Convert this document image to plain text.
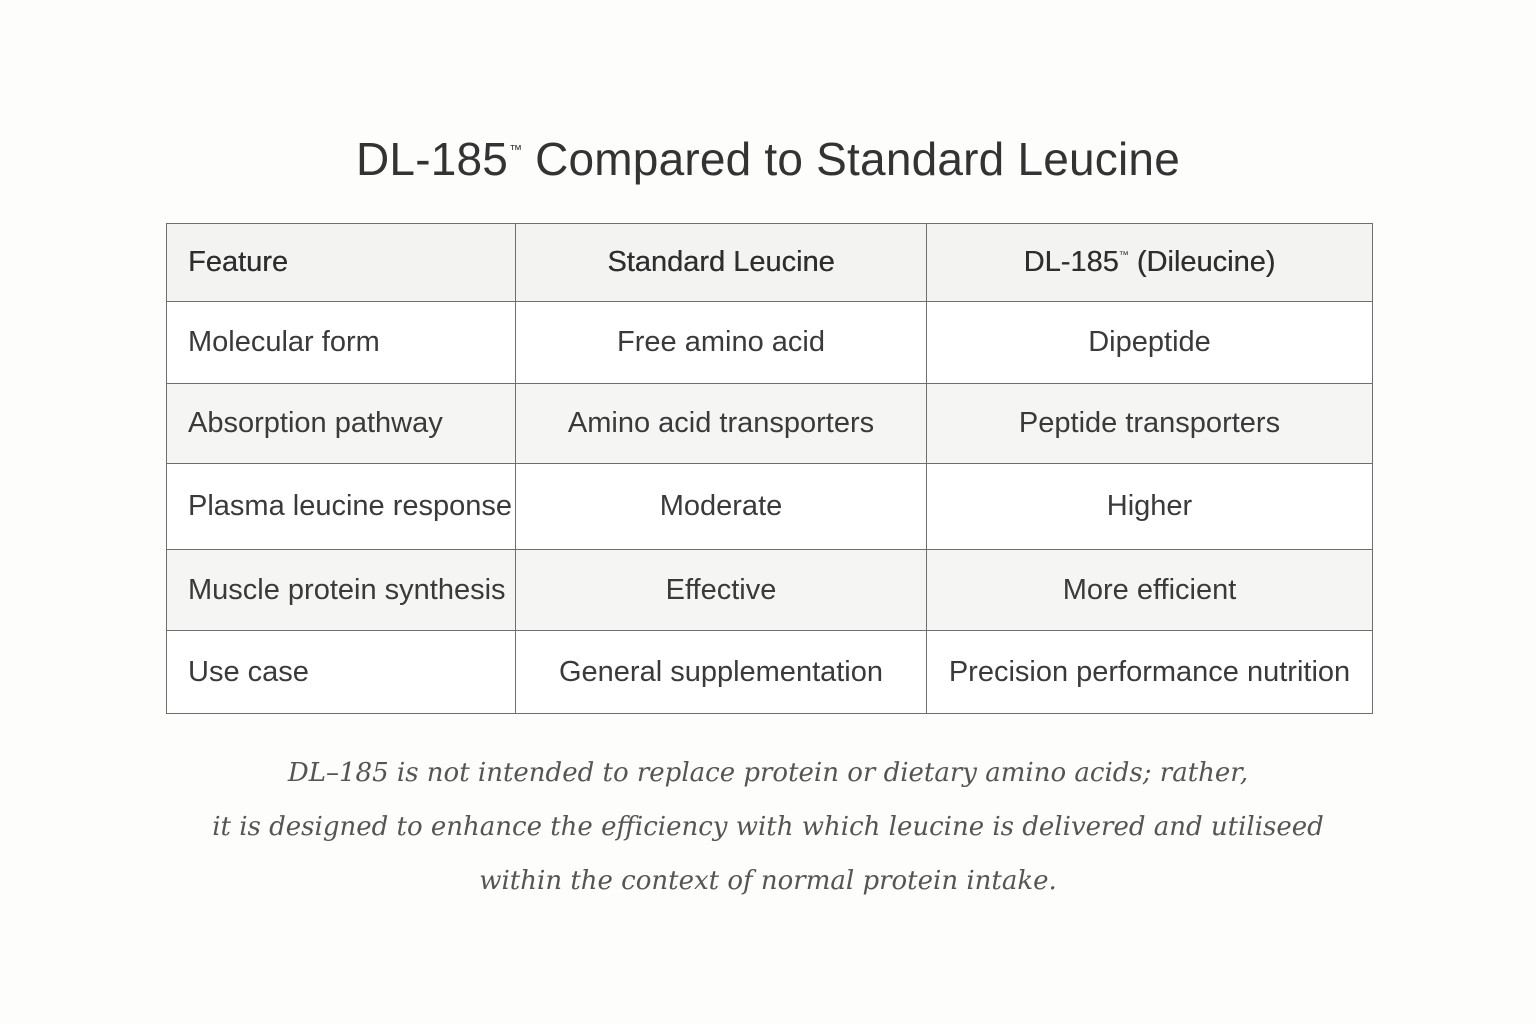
DL-185™ Compared to Standard Leucine
Feature	Standard Leucine	DL-185™ (Dileucine)
Molecular form	Free amino acid	Dipeptide
Absorption pathway	Amino acid transporters	Peptide transporters
Plasma leucine response	Moderate	Higher
Muscle protein synthesis	Effective	More efficient
Use case	General supplementation	Precision performance nutrition
DL–185 is not intended to replace protein or dietary amino acids; rather,
it is designed to enhance the efficiency with which leucine is delivered and utiliseed
within the context of normal protein intake.
